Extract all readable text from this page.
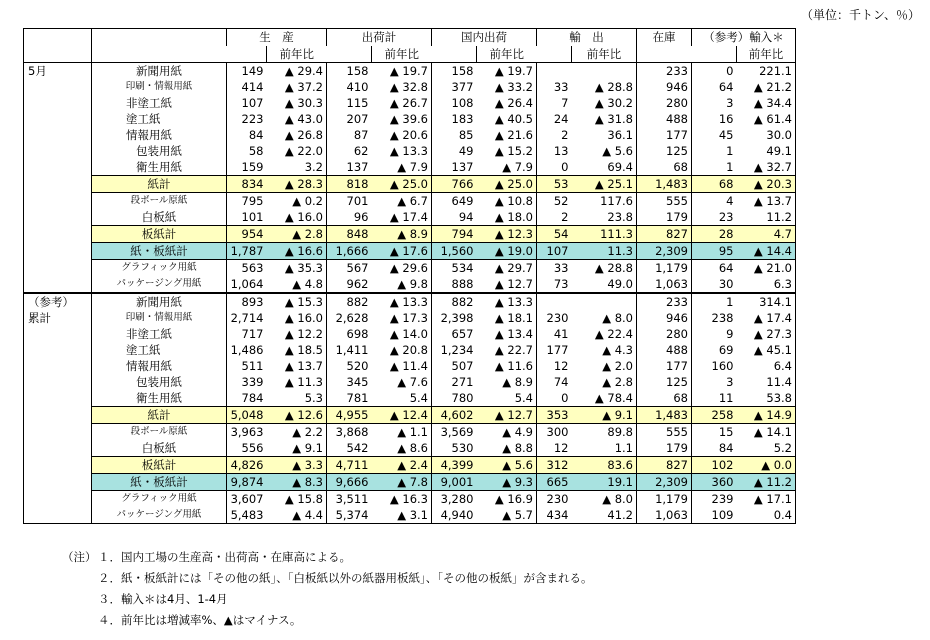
（単位：千トン、％）
		生　産		出荷計		国内出荷		輸　出		在庫	（参考）輸入＊	
			前年比		前年比		前年比		前年比			前年比

5月	新聞用紙	149	▲ 29.4	158	▲ 19.7	158	▲ 19.7			233	0	221.1
	印刷・情報用紙	414	▲ 37.2	410	▲ 32.8	377	▲ 33.2	33	▲ 28.8	946	64	▲ 21.2
	非塗工紙	107	▲ 30.3	115	▲ 26.7	108	▲ 26.4	7	▲ 30.2	280	3	▲ 34.4
	塗工紙	223	▲ 43.0	207	▲ 39.6	183	▲ 40.5	24	▲ 31.8	488	16	▲ 61.4
	情報用紙	84	▲ 26.8	87	▲ 20.6	85	▲ 21.6	2	36.1	177	45	30.0
	包装用紙	58	▲ 22.0	62	▲ 13.3	49	▲ 15.2	13	▲ 5.6	125	1	49.1
	衛生用紙	159	3.2	137	▲ 7.9	137	▲ 7.9	0	69.4	68	1	▲ 32.7
	紙計	834	▲ 28.3	818	▲ 25.0	766	▲ 25.0	53	▲ 25.1	1,483	68	▲ 20.3
	段ボール原紙	795	▲ 0.2	701	▲ 6.7	649	▲ 10.8	52	117.6	555	4	▲ 13.7
	白板紙	101	▲ 16.0	96	▲ 17.4	94	▲ 18.0	2	23.8	179	23	11.2
	板紙計	954	▲ 2.8	848	▲ 8.9	794	▲ 12.3	54	111.3	827	28	4.7
	紙・板紙計	1,787	▲ 16.6	1,666	▲ 17.6	1,560	▲ 19.0	107	11.3	2,309	95	▲ 14.4
	グラフィック用紙	563	▲ 35.3	567	▲ 29.6	534	▲ 29.7	33	▲ 28.8	1,179	64	▲ 21.0
	パッケージング用紙	1,064	▲ 4.8	962	▲ 9.8	888	▲ 12.7	73	49.0	1,063	30	6.3

（参考）
累計	新聞用紙	893	▲ 15.3	882	▲ 13.3	882	▲ 13.3			233	1	314.1
	印刷・情報用紙	2,714	▲ 16.0	2,628	▲ 17.3	2,398	▲ 18.1	230	▲ 8.0	946	238	▲ 17.4
	非塗工紙	717	▲ 12.2	698	▲ 14.0	657	▲ 13.4	41	▲ 22.4	280	9	▲ 27.3
	塗工紙	1,486	▲ 18.5	1,411	▲ 20.8	1,234	▲ 22.7	177	▲ 4.3	488	69	▲ 45.1
	情報用紙	511	▲ 13.7	520	▲ 11.4	507	▲ 11.6	12	▲ 2.0	177	160	6.4
	包装用紙	339	▲ 11.3	345	▲ 7.6	271	▲ 8.9	74	▲ 2.8	125	3	11.4
	衛生用紙	784	5.3	781	5.4	780	5.4	0	▲ 78.4	68	11	53.8
	紙計	5,048	▲ 12.6	4,955	▲ 12.4	4,602	▲ 12.7	353	▲ 9.1	1,483	258	▲ 14.9
	段ボール原紙	3,963	▲ 2.2	3,868	▲ 1.1	3,569	▲ 4.9	300	89.8	555	15	▲ 14.1
	白板紙	556	▲ 9.1	542	▲ 8.6	530	▲ 8.8	12	1.1	179	84	5.2
	板紙計	4,826	▲ 3.3	4,711	▲ 2.4	4,399	▲ 5.6	312	83.6	827	102	▲ 0.0
	紙・板紙計	9,874	▲ 8.3	9,666	▲ 7.8	9,001	▲ 9.3	665	19.1	2,309	360	▲ 11.2
	グラフィック用紙	3,607	▲ 15.8	3,511	▲ 16.3	3,280	▲ 16.9	230	▲ 8.0	1,179	239	▲ 17.1
	パッケージング用紙	5,483	▲ 4.4	5,374	▲ 3.1	4,940	▲ 5.7	434	41.2	1,063	109	0.4
（注） １．国内工場の生産高・出荷高・在庫高による。
２．紙・板紙計には「その他の紙」、「白板紙以外の紙器用板紙」、「その他の板紙」が含まれる。
３．輸入＊は4月、1-4月
４．前年比は増減率%、▲はマイナス。
